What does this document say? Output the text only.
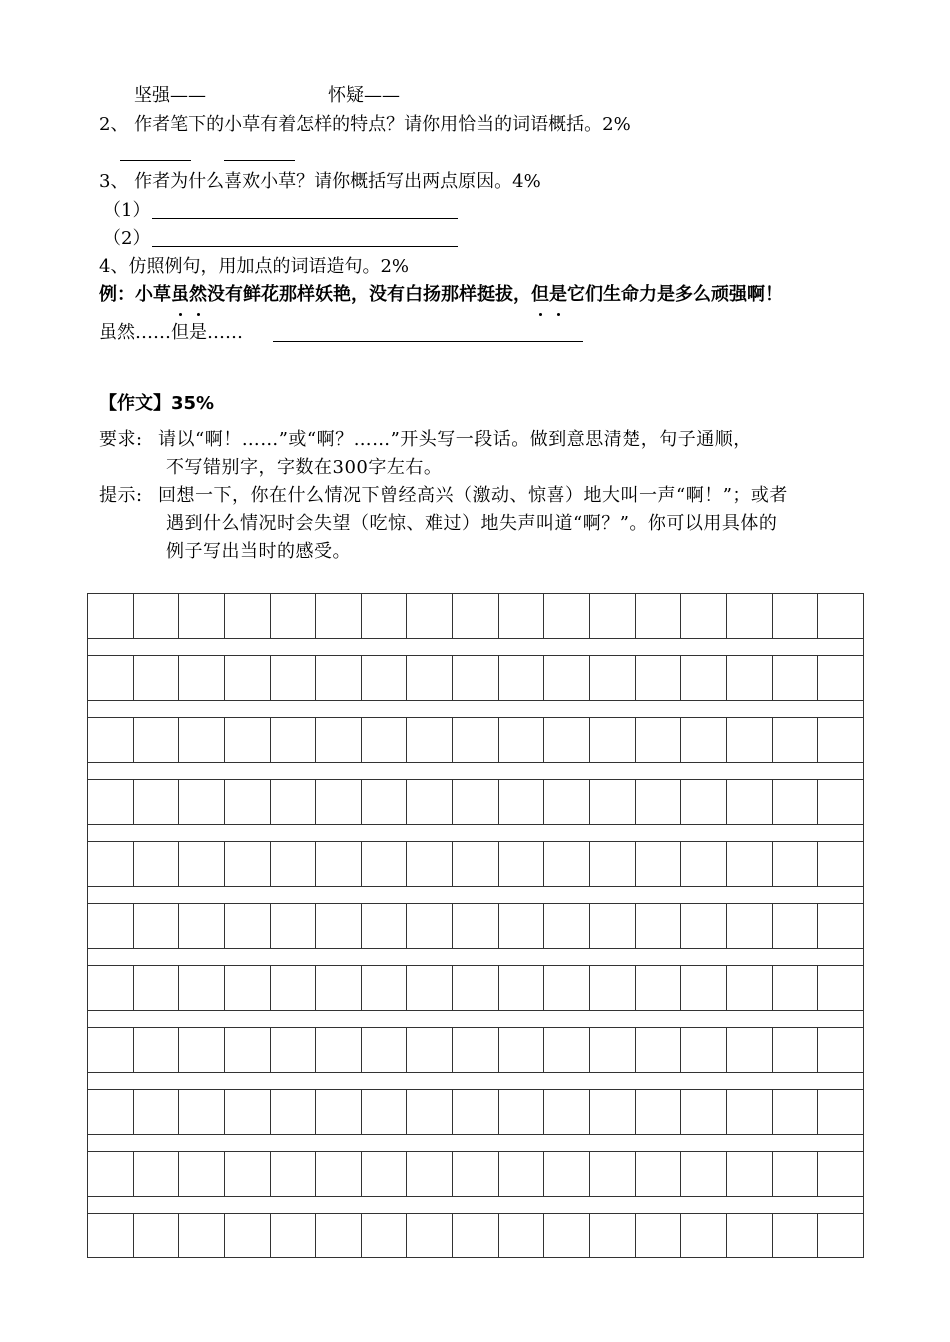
坚强——	怀疑——
2、 作者笔下的小草有着怎样的特点？请你用恰当的词语概括。2%
3、 作者为什么喜欢小草？请你概括写出两点原因。4%
（1）
（2）
4、仿照例句，用加点的词语造句。2%
例：小草虽然没有鲜花那样妖艳，没有白扬那样挺拔，但是它们生命力是多么顽强啊！
虽然……但是……
【作文】35%
要求: 请以“啊！……”或“啊？……”开头写一段话。做到意思清楚，句子通顺，
不写错别字，字数在300字左右。
提示: 回想一下，你在什么情况下曾经高兴（激动、惊喜）地大叫一声“啊！”；或者
遇到什么情况时会失望（吃惊、难过）地失声叫道“啊？”。你可以用具体的
例子写出当时的感受。
